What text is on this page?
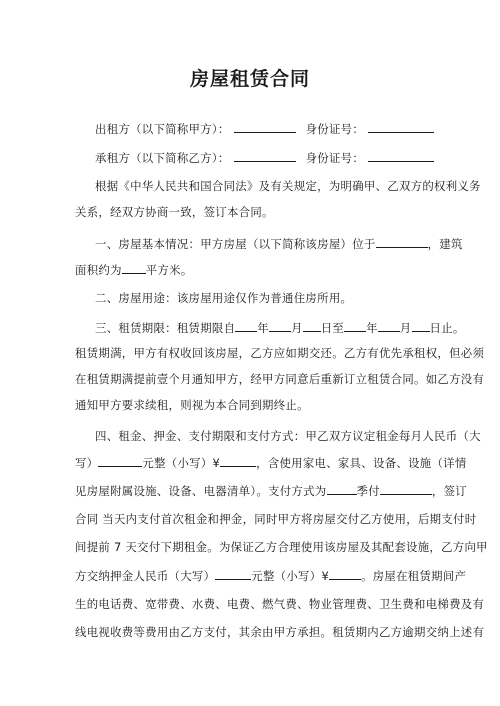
房屋租赁合同
出租方（以下简称甲方）：	身份证号：
承租方（以下简称乙方）：	身份证号：
根据《中华人民共和国合同法》及有关规定，为明确甲、乙双方的权利义务
关系，经双方协商一致，签订本合同。
一、房屋基本情况：甲方房屋（以下简称该房屋）位于	，建筑
面积约为 平方米。
二、房屋用途：该房屋用途仅作为普通住房所用。
三、租赁期限：租赁期限自 年 月 日至 年 月 日止。
租赁期满，甲方有权收回该房屋，乙方应如期交还。乙方有优先承租权，但必须
在租赁期满提前壹个月通知甲方，经甲方同意后重新订立租赁合同。如乙方没有
通知甲方要求续租，则视为本合同到期终止。
四、租金、押金、支付期限和支付方式：甲乙双方议定租金每月人民币（大
写）	元整（小写）¥	，含使用家电、家具、设备、设施（详情
见房屋附属设施、设备、电器清单）。支付方式为	季付	，签订
合同 当天内支付首次租金和押金，同时甲方将房屋交付乙方使用，后期支付时
间提前 7 天交付下期租金。为保证乙方合理使用该房屋及其配套设施，乙方向甲
方交纳押金人民币（大写）	元整（小写）¥	。房屋在租赁期间产
生的电话费、宽带费、水费、电费、燃气费、物业管理费、卫生费和电梯费及有
线电视收费等费用由乙方支付，其余由甲方承担。租赁期内乙方逾期交纳上述有
